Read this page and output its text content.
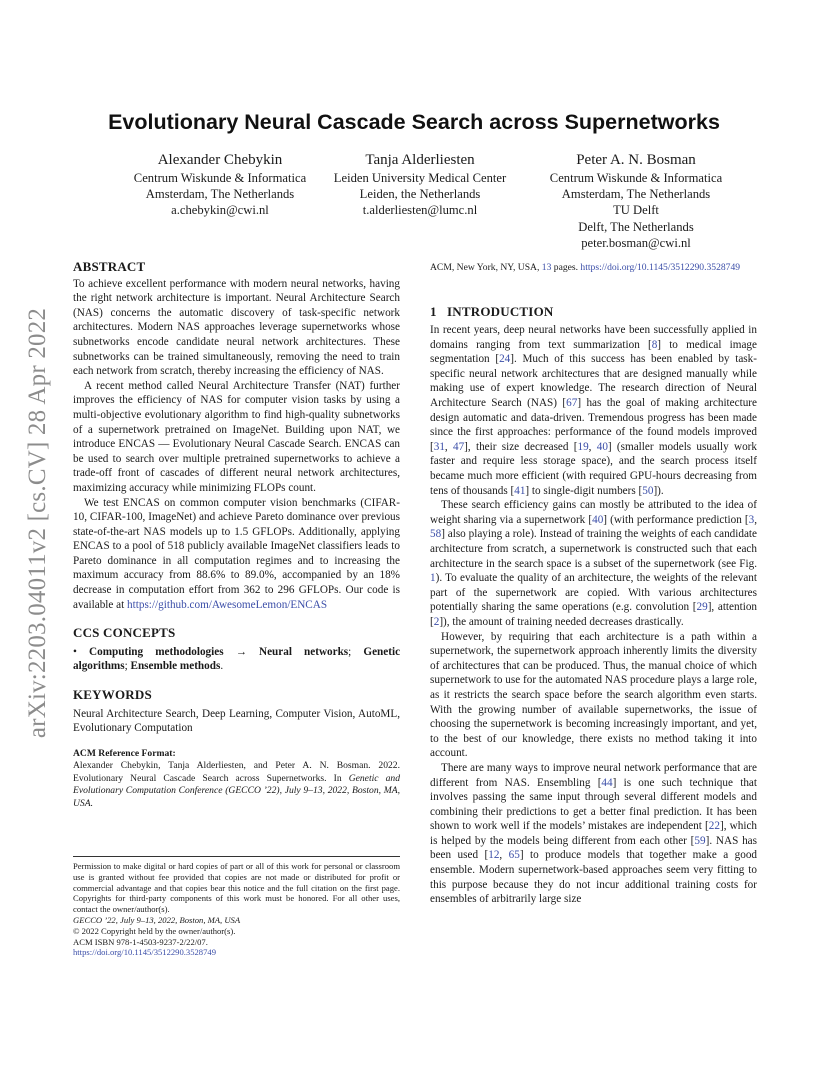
arXiv:2203.04011v2 [cs.CV] 28 Apr 2022
Evolutionary Neural Cascade Search across Supernetworks
Alexander Chebykin
Centrum Wiskunde & Informatica
Amsterdam, The Netherlands
a.chebykin@cwi.nl
Tanja Alderliesten
Leiden University Medical Center
Leiden, the Netherlands
t.alderliesten@lumc.nl
Peter A. N. Bosman
Centrum Wiskunde & Informatica
Amsterdam, The Netherlands
TU Delft
Delft, The Netherlands
peter.bosman@cwi.nl
ABSTRACT

To achieve excellent performance with modern neural networks, having the right network architecture is important. Neural Architecture Search (NAS) concerns the automatic discovery of task-specific network architectures. Modern NAS approaches leverage supernetworks whose subnetworks encode candidate neural network architectures. These subnetworks can be trained simultaneously, removing the need to train each network from scratch, thereby increasing the efficiency of NAS.

A recent method called Neural Architecture Transfer (NAT) further improves the efficiency of NAS for computer vision tasks by using a multi-objective evolutionary algorithm to find high-quality subnetworks of a supernetwork pretrained on ImageNet. Building upon NAT, we introduce ENCAS — Evolutionary Neural Cascade Search. ENCAS can be used to search over multiple pretrained supernetworks to achieve a trade-off front of cascades of different neural network architectures, maximizing accuracy while minimizing FLOPs count.

We test ENCAS on common computer vision benchmarks (CIFAR-10, CIFAR-100, ImageNet) and achieve Pareto dominance over previous state-of-the-art NAS models up to 1.5 GFLOPs. Additionally, applying ENCAS to a pool of 518 publicly available ImageNet classifiers leads to Pareto dominance in all computation regimes and to increasing the maximum accuracy from 88.6% to 89.0%, accompanied by an 18% decrease in computation effort from 362 to 296 GFLOPs. Our code is available at https://github.com/AwesomeLemon/ENCAS

CCS CONCEPTS

• Computing methodologies → Neural networks; Genetic algorithms; Ensemble methods.

KEYWORDS

Neural Architecture Search, Deep Learning, Computer Vision, AutoML, Evolutionary Computation

ACM Reference Format:

Alexander Chebykin, Tanja Alderliesten, and Peter A. N. Bosman. 2022. Evolutionary Neural Cascade Search across Supernetworks. In Genetic and Evolutionary Computation Conference (GECCO ’22), July 9–13, 2022, Boston, MA, USA.

Permission to make digital or hard copies of part or all of this work for personal or classroom use is granted without fee provided that copies are not made or distributed for profit or commercial advantage and that copies bear this notice and the full citation on the first page. Copyrights for third-party components of this work must be honored. For all other uses, contact the owner/author(s).

GECCO ’22, July 9–13, 2022, Boston, MA, USA
© 2022 Copyright held by the owner/author(s).
ACM ISBN 978-1-4503-9237-2/22/07.
https://doi.org/10.1145/3512290.3528749

ACM, New York, NY, USA, 13 pages. https://doi.org/10.1145/3512290.3528749

1   INTRODUCTION

In recent years, deep neural networks have been successfully applied in domains ranging from text summarization [8] to medical image segmentation [24]. Much of this success has been enabled by task-specific neural network architectures that are designed manually while making use of expert knowledge. The research direction of Neural Architecture Search (NAS) [67] has the goal of making architecture design automatic and data-driven. Tremendous progress has been made since the first approaches: performance of the found models improved [31, 47], their size decreased [19, 40] (smaller models usually work faster and require less storage space), and the search process itself became much more efficient (with required GPU-hours decreasing from tens of thousands [41] to single-digit numbers [50]).

These search efficiency gains can mostly be attributed to the idea of weight sharing via a supernetwork [40] (with performance prediction [3, 58] also playing a role). Instead of training the weights of each candidate architecture from scratch, a supernetwork is constructed such that each architecture in the search space is a subset of the supernetwork (see Fig. 1). To evaluate the quality of an architecture, the weights of the relevant part of the supernetwork are copied. With various architectures potentially sharing the same operations (e.g. convolution [29], attention [2]), the amount of training needed decreases drastically.

However, by requiring that each architecture is a path within a supernetwork, the supernetwork approach inherently limits the diversity of architectures that can be produced. Thus, the manual choice of which supernetwork to use for the automated NAS procedure plays a large role, as it restricts the search space before the search algorithm even starts. With the growing number of available supernetworks, the issue of choosing the supernetwork is becoming increasingly important, and yet, to the best of our knowledge, there exists no method taking it into account.

There are many ways to improve neural network performance that are different from NAS. Ensembling [44] is one such technique that involves passing the same input through several different models and combining their predictions to get a better final prediction. It has been shown to work well if the models’ mistakes are independent [22], which is helped by the models being different from each other [59]. NAS has been used [12, 65] to produce models that together make a good ensemble. Modern supernetwork-based approaches seem very fitting to this purpose because they do not incur additional training costs for ensembles of arbitrarily large size
